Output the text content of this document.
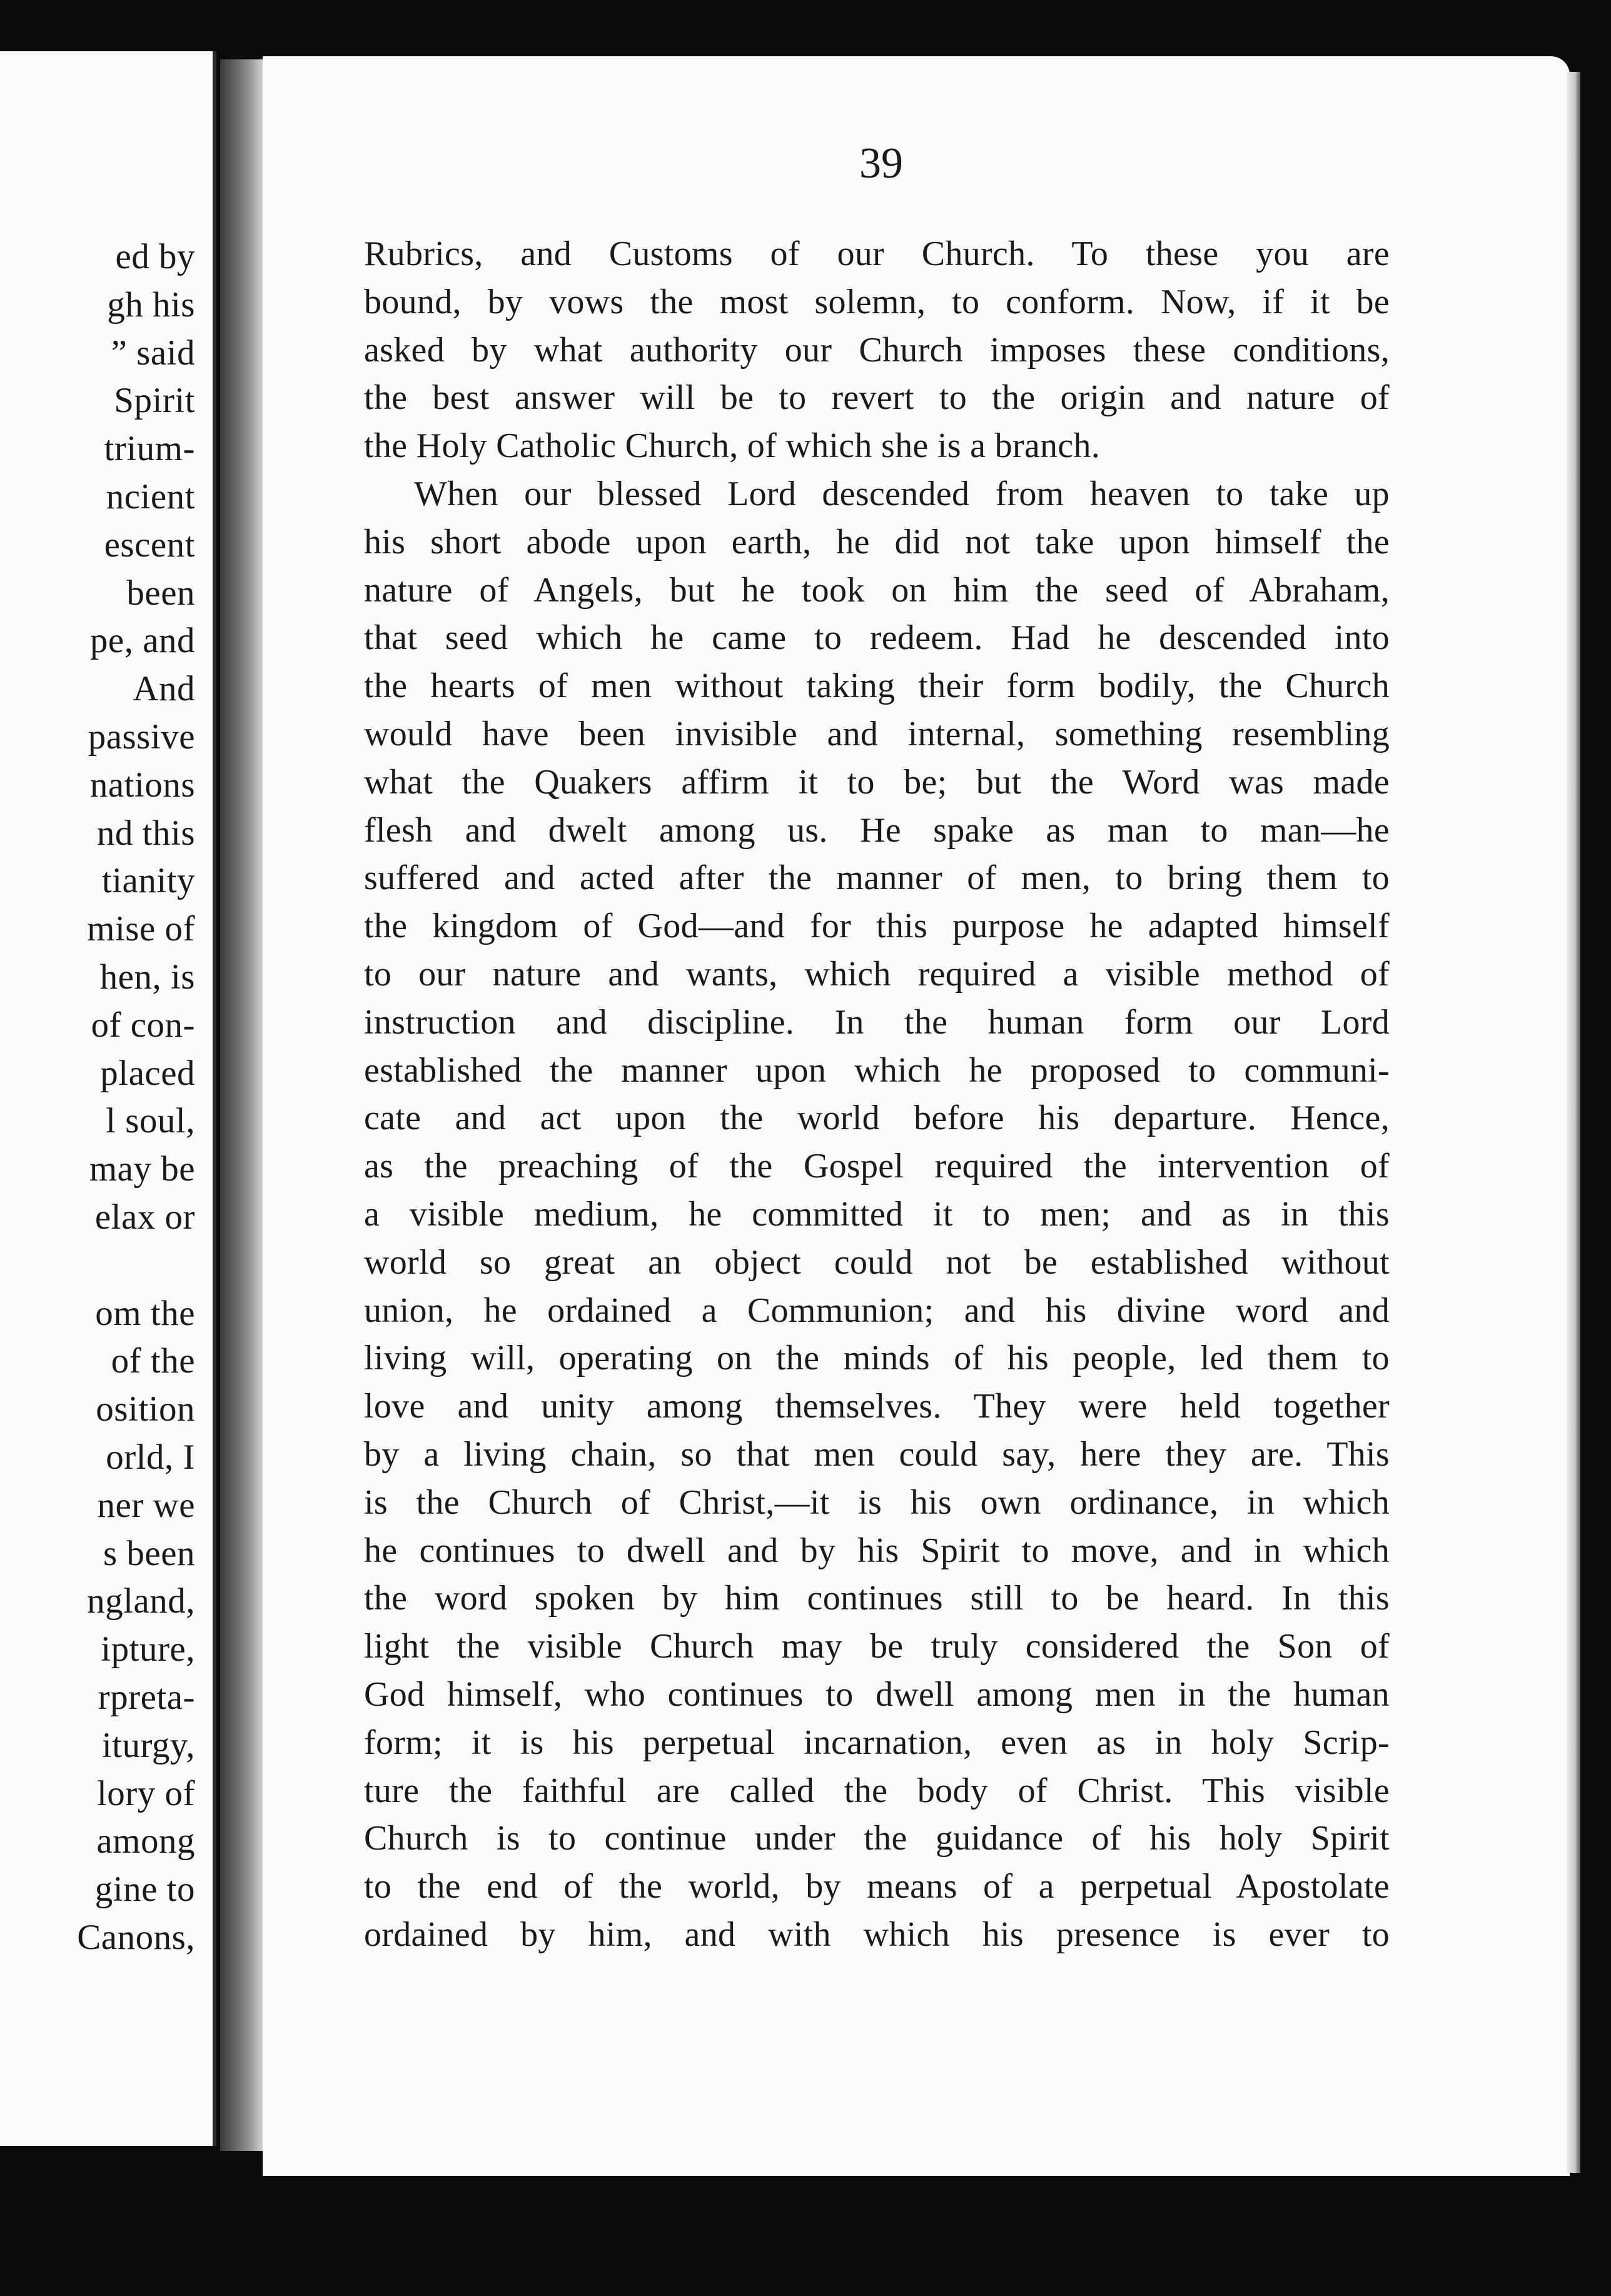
ed by
gh his
” said
Spirit
trium-
ncient
escent
been
pe, and
And
passive
nations
nd this
tianity
mise of
hen, is
of con-
placed
l soul,
may be
elax or
om the
of the
osition
orld, I
ner we
s been
ngland,
ipture,
rpreta-
iturgy,
lory of
among
gine to
Canons,
39
Rubrics, and Customs of our Church. To these you are
bound, by vows the most solemn, to conform. Now, if it be
asked by what authority our Church imposes these conditions,
the best answer will be to revert to the origin and nature of
the Holy Catholic Church, of which she is a branch.
When our blessed Lord descended from heaven to take up
his short abode upon earth, he did not take upon himself the
nature of Angels, but he took on him the seed of Abraham,
that seed which he came to redeem. Had he descended into
the hearts of men without taking their form bodily, the Church
would have been invisible and internal, something resembling
what the Quakers affirm it to be; but the Word was made
flesh and dwelt among us. He spake as man to man—he
suffered and acted after the manner of men, to bring them to
the kingdom of God—and for this purpose he adapted himself
to our nature and wants, which required a visible method of
instruction and discipline. In the human form our Lord
established the manner upon which he proposed to communi-
cate and act upon the world before his departure. Hence,
as the preaching of the Gospel required the intervention of
a visible medium, he committed it to men; and as in this
world so great an object could not be established without
union, he ordained a Communion; and his divine word and
living will, operating on the minds of his people, led them to
love and unity among themselves. They were held together
by a living chain, so that men could say, here they are. This
is the Church of Christ,—it is his own ordinance, in which
he continues to dwell and by his Spirit to move, and in which
the word spoken by him continues still to be heard. In this
light the visible Church may be truly considered the Son of
God himself, who continues to dwell among men in the human
form; it is his perpetual incarnation, even as in holy Scrip-
ture the faithful are called the body of Christ. This visible
Church is to continue under the guidance of his holy Spirit
to the end of the world, by means of a perpetual Apostolate
ordained by him, and with which his presence is ever to
